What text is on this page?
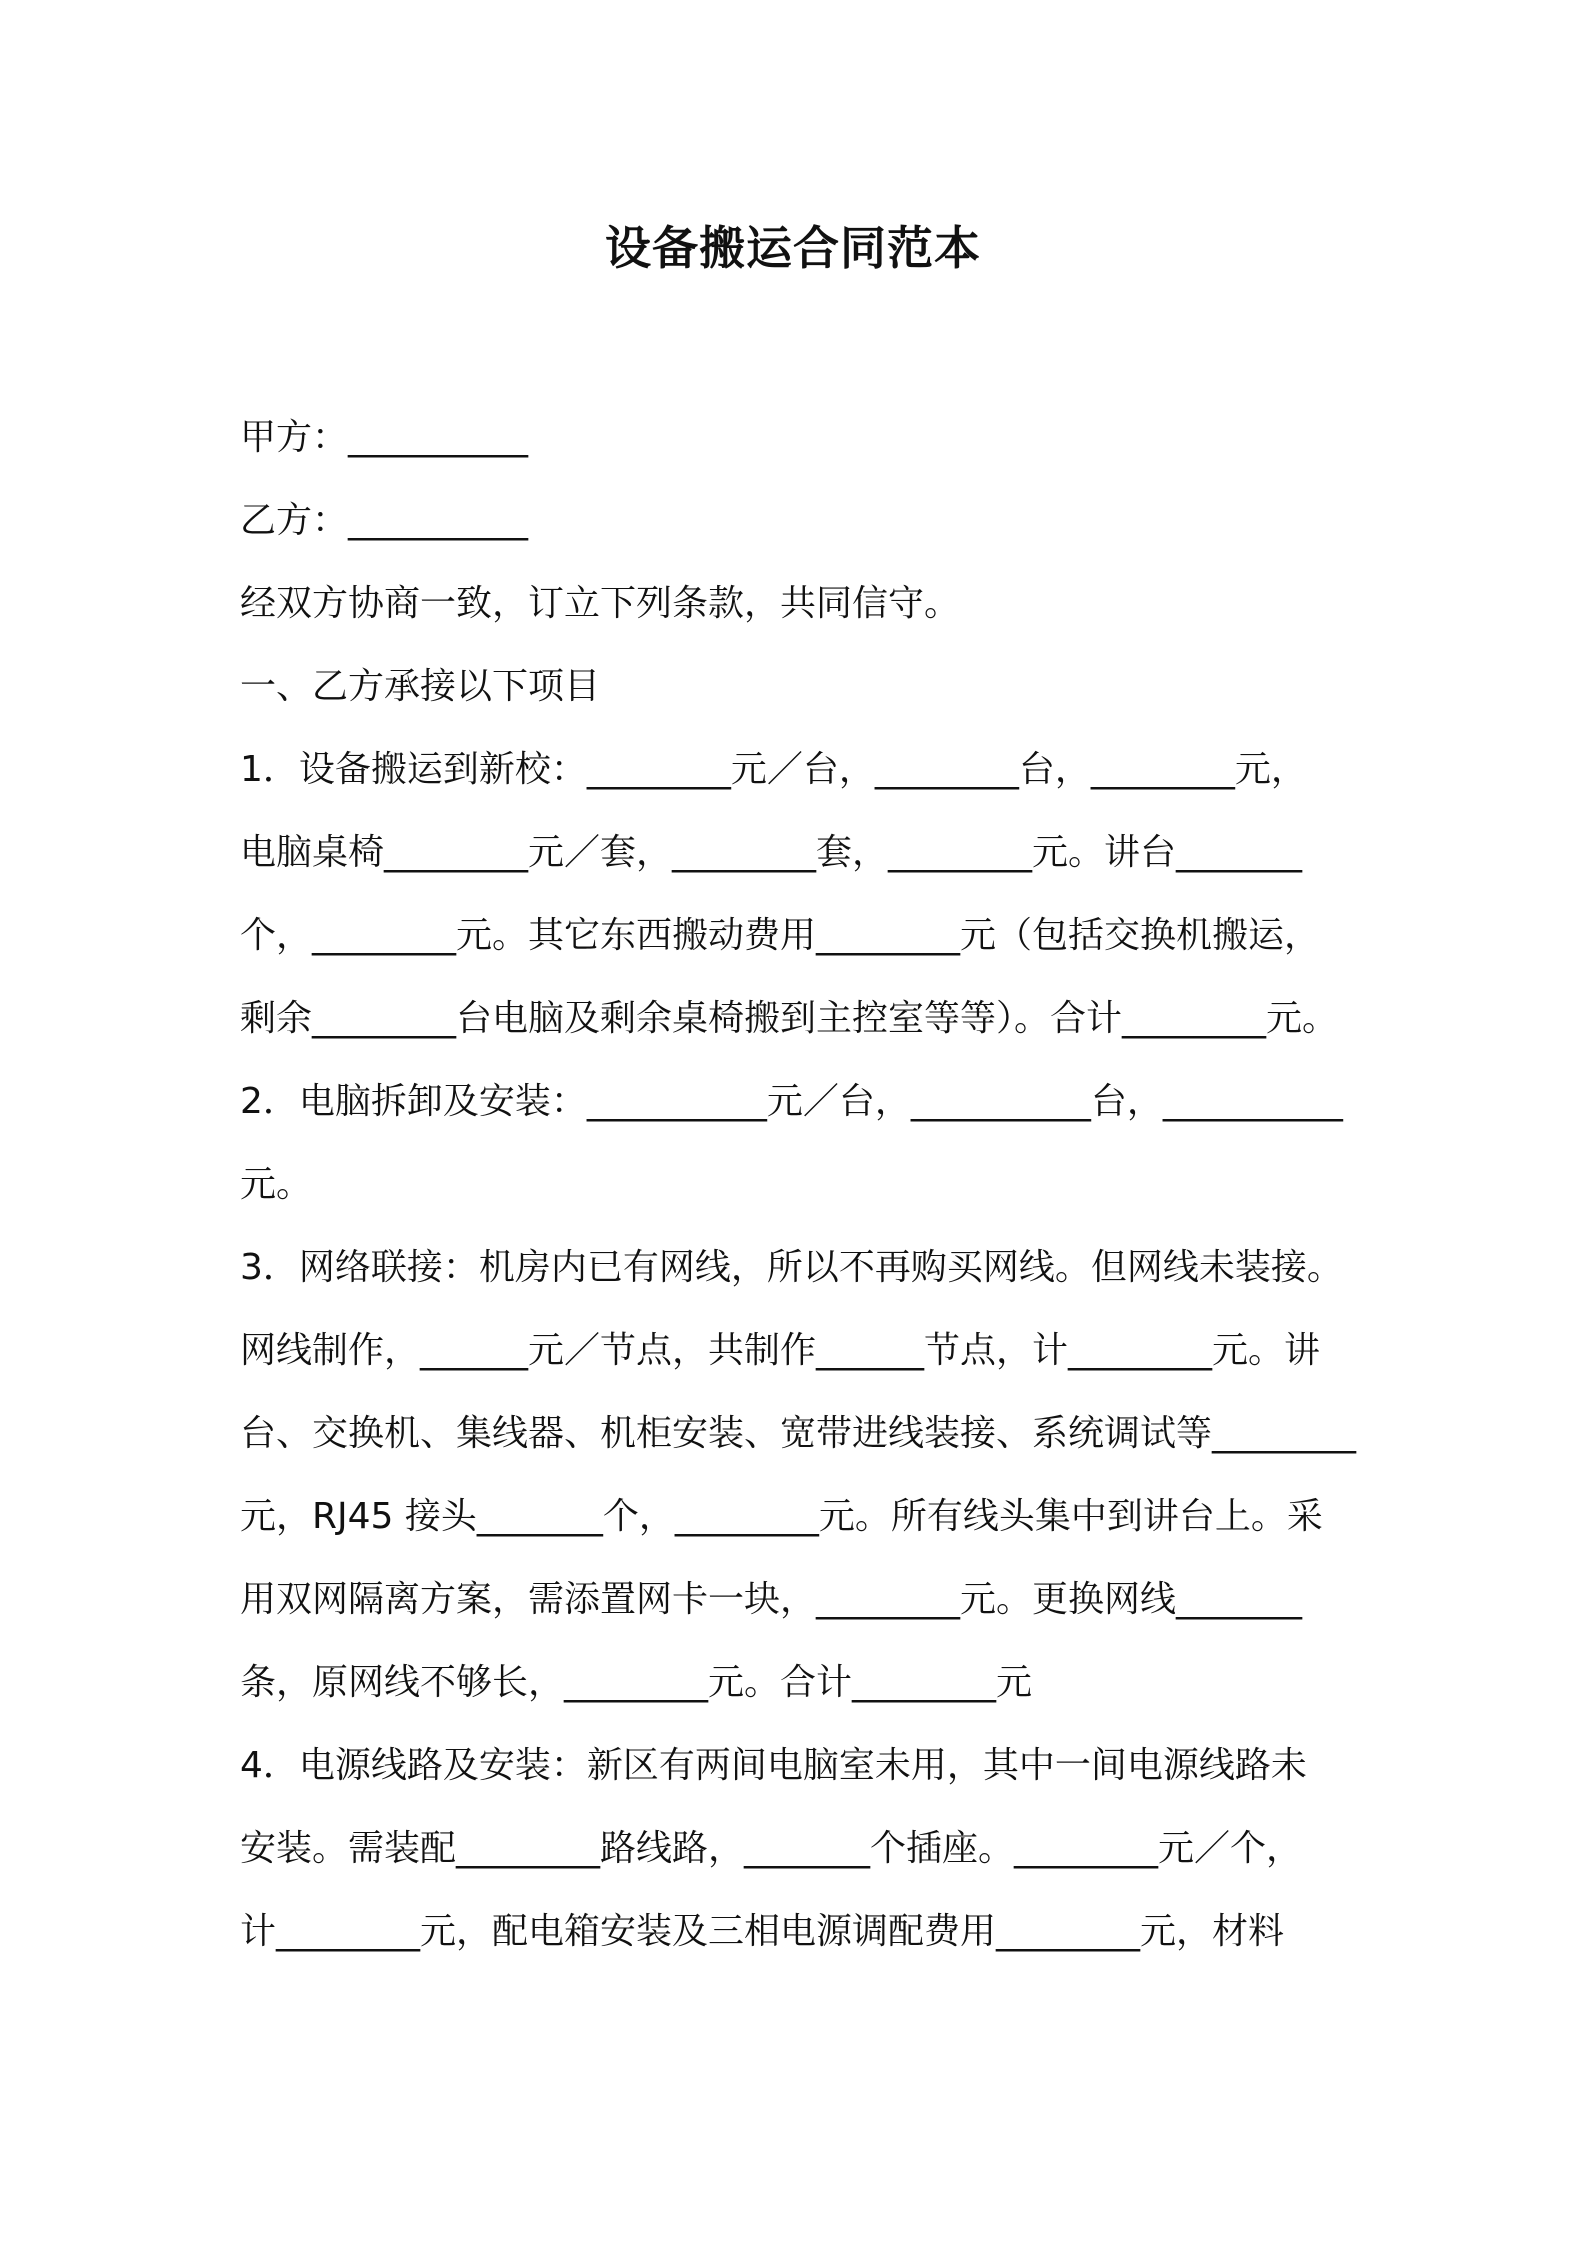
设备搬运合同范本
甲方：__________
乙方：__________
经双方协商一致，订立下列条款，共同信守。
一、乙方承接以下项目
1．设备搬运到新校：________元／台，________台，________元，
电脑桌椅________元／套，________套，________元。讲台_______
个，________元。其它东西搬动费用________元（包括交换机搬运，
剩余________台电脑及剩余桌椅搬到主控室等等）。合计________元。
2．电脑拆卸及安装：__________元／台，__________台，__________
元。
3．网络联接：机房内已有网线，所以不再购买网线。但网线未装接。
网线制作，______元／节点，共制作______节点，计________元。讲
台、交换机、集线器、机柜安装、宽带进线装接、系统调试等________
元，RJ45 接头_______个，________元。所有线头集中到讲台上。采
用双网隔离方案，需添置网卡一块，________元。更换网线_______
条，原网线不够长，________元。合计________元
4．电源线路及安装：新区有两间电脑室未用，其中一间电源线路未
安装。需装配________路线路，_______个插座。________元／个，
计________元，配电箱安装及三相电源调配费用________元，材料
